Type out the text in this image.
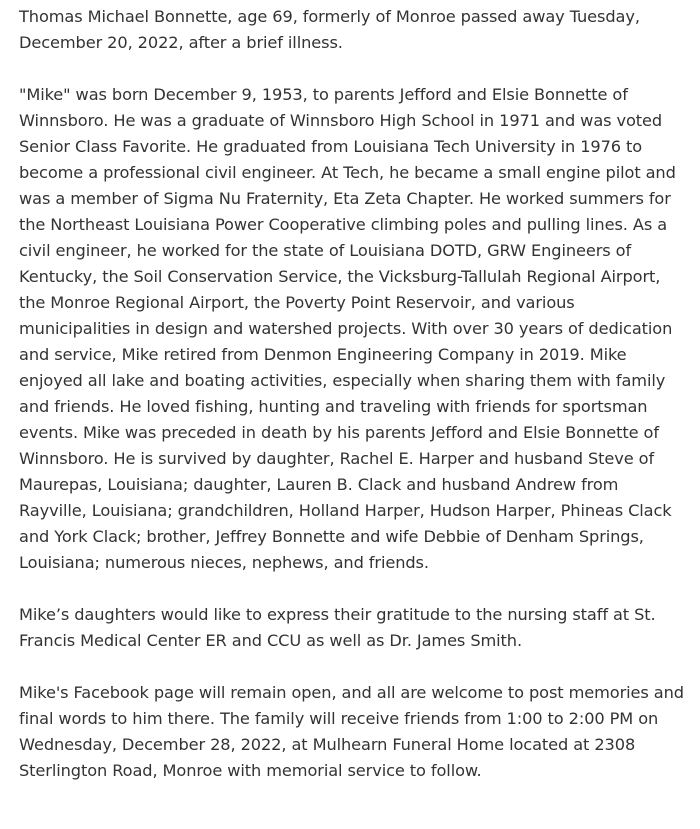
Thomas Michael Bonnette, age 69, formerly of Monroe passed away Tuesday, December 20, 2022, after a brief illness.

"Mike" was born December 9, 1953, to parents Jefford and Elsie Bonnette of Winnsboro. He was a graduate of Winnsboro High School in 1971 and was voted Senior Class Favorite. He graduated from Louisiana Tech University in 1976 to become a professional civil engineer. At Tech, he became a small engine pilot and was a member of Sigma Nu Fraternity, Eta Zeta Chapter. He worked summers for the Northeast Louisiana Power Cooperative climbing poles and pulling lines. As a civil engineer, he worked for the state of Louisiana DOTD, GRW Engineers of Kentucky, the Soil Conservation Service, the Vicksburg-Tallulah Regional Airport, the Monroe Regional Airport, the Poverty Point Reservoir, and various municipalities in design and watershed projects. With over 30 years of dedication and service, Mike retired from Denmon Engineering Company in 2019. Mike enjoyed all lake and boating activities, especially when sharing them with family and friends. He loved fishing, hunting and traveling with friends for sportsman events. Mike was preceded in death by his parents Jefford and Elsie Bonnette of Winnsboro. He is survived by daughter, Rachel E. Harper and husband Steve of Maurepas, Louisiana; daughter, Lauren B. Clack and husband Andrew from Rayville, Louisiana; grandchildren, Holland Harper, Hudson Harper, Phineas Clack and York Clack; brother, Jeffrey Bonnette and wife Debbie of Denham Springs, Louisiana; numerous nieces, nephews, and friends.

Mike’s daughters would like to express their gratitude to the nursing staff at St. Francis Medical Center ER and CCU as well as Dr. James Smith.

Mike's Facebook page will remain open, and all are welcome to post memories and final words to him there. The family will receive friends from 1:00 to 2:00 PM on Wednesday, December 28, 2022, at Mulhearn Funeral Home located at 2308 Sterlington Road, Monroe with memorial service to follow.
